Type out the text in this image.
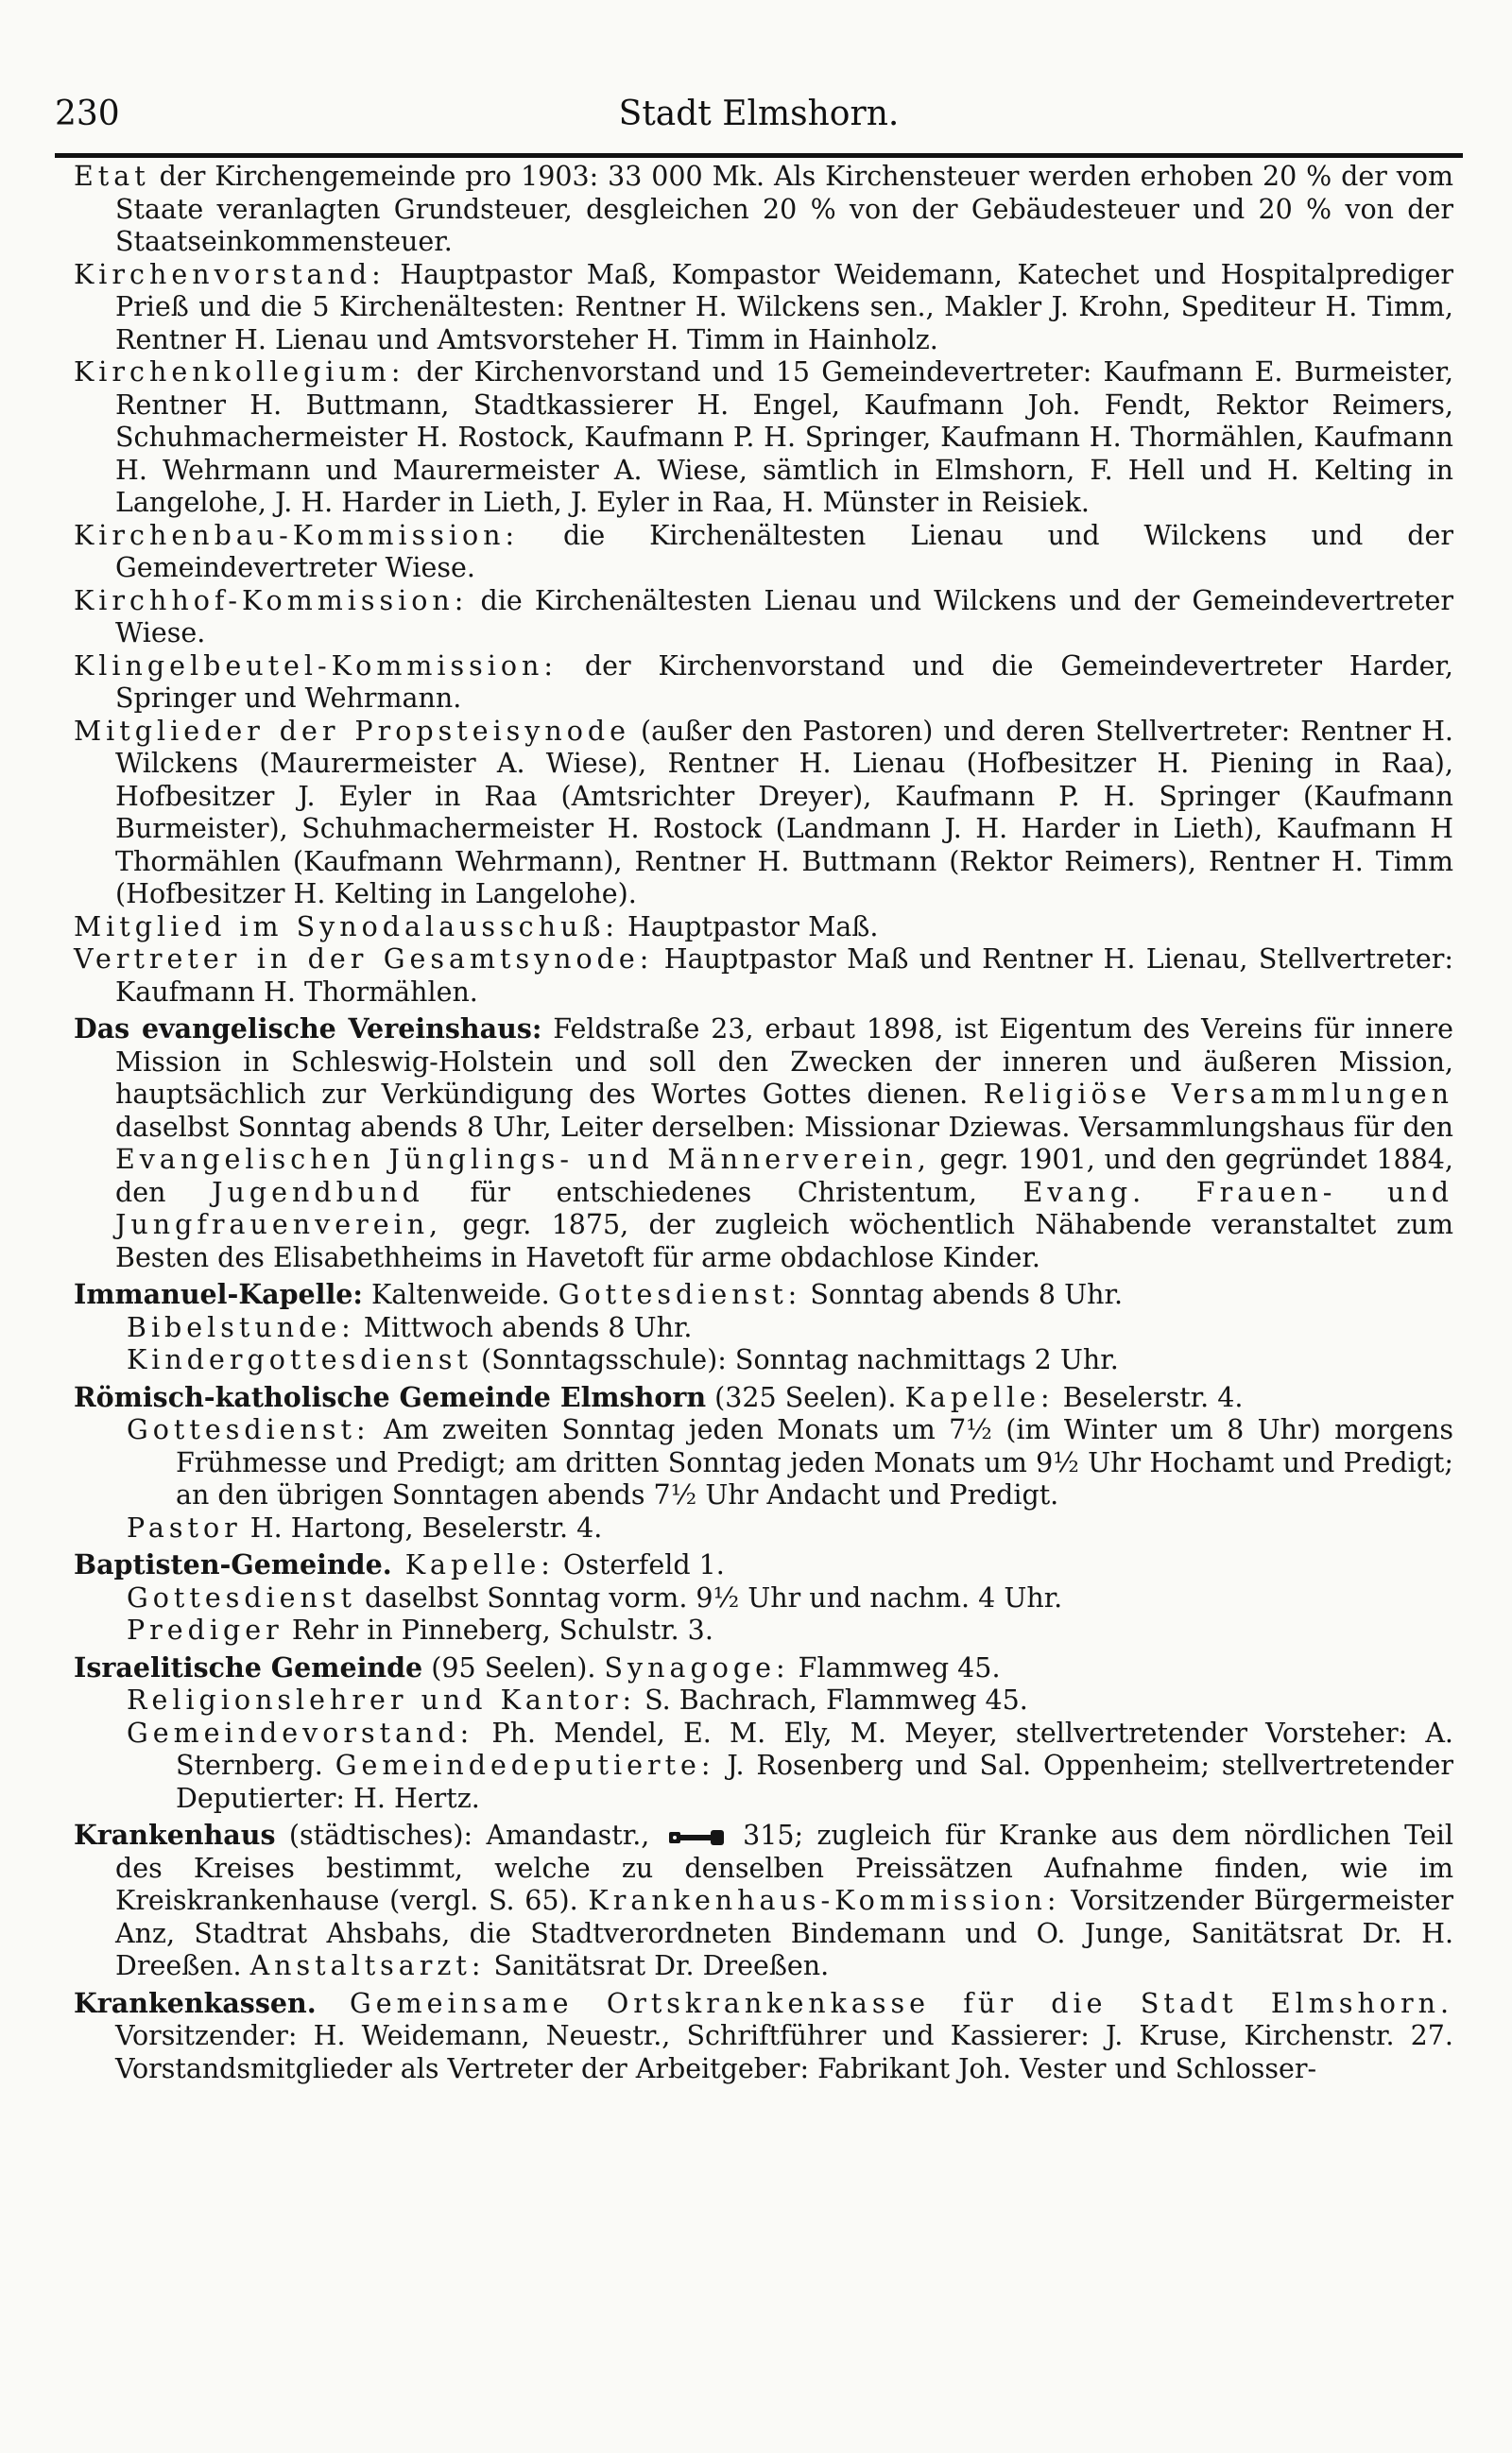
230	Stadt Elmshorn.

Etat der Kirchengemeinde pro 1903: 33 000 Mk. Als Kirchensteuer werden erhoben 20 % der vom Staate veranlagten Grundsteuer, desgleichen 20 % von der Gebäudesteuer und 20 % von der Staatseinkommensteuer.

Kirchenvorstand: Hauptpastor Maß, Kompastor Weidemann, Katechet und Hospitalprediger Prieß und die 5 Kirchenältesten: Rentner H. Wilckens sen., Makler J. Krohn, Spediteur H. Timm, Rentner H. Lienau und Amtsvorsteher H. Timm in Hainholz.

Kirchenkollegium: der Kirchenvorstand und 15 Gemeindevertreter: Kaufmann E. Burmeister, Rentner H. Buttmann, Stadtkassierer H. Engel, Kaufmann Joh. Fendt, Rektor Reimers, Schuhmachermeister H. Rostock, Kaufmann P. H. Springer, Kaufmann H. Thormählen, Kaufmann H. Wehrmann und Maurermeister A. Wiese, sämtlich in Elmshorn, F. Hell und H. Kelting in Langelohe, J. H. Harder in Lieth, J. Eyler in Raa, H. Münster in Reisiek.

Kirchenbau-Kommission: die Kirchenältesten Lienau und Wilckens und der Gemeindevertreter Wiese.

Kirchhof-Kommission: die Kirchenältesten Lienau und Wilckens und der Gemeindevertreter Wiese.

Klingelbeutel-Kommission: der Kirchenvorstand und die Gemeindevertreter Harder, Springer und Wehrmann.

Mitglieder der Propsteisynode (außer den Pastoren) und deren Stellvertreter: Rentner H. Wilckens (Maurermeister A. Wiese), Rentner H. Lienau (Hofbesitzer H. Piening in Raa), Hofbesitzer J. Eyler in Raa (Amtsrichter Dreyer), Kaufmann P. H. Springer (Kaufmann Burmeister), Schuhmachermeister H. Rostock (Landmann J. H. Harder in Lieth), Kaufmann H Thormählen (Kaufmann Wehrmann), Rentner H. Buttmann (Rektor Reimers), Rentner H. Timm (Hofbesitzer H. Kelting in Langelohe).

Mitglied im Synodalausschuß: Hauptpastor Maß.

Vertreter in der Gesamtsynode: Hauptpastor Maß und Rentner H. Lienau, Stellvertreter: Kaufmann H. Thormählen.

Das evangelische Vereinshaus: Feldstraße 23, erbaut 1898, ist Eigentum des Vereins für innere Mission in Schleswig-Holstein und soll den Zwecken der inneren und äußeren Mission, hauptsächlich zur Verkündigung des Wortes Gottes dienen. Religiöse Versammlungen daselbst Sonntag abends 8 Uhr, Leiter derselben: Missionar Dziewas. Versammlungshaus für den Evangelischen Jünglings- und Männerverein, gegr. 1901, und den gegründet 1884, den Jugendbund für entschiedenes Christentum, Evang. Frauen- und Jungfrauenverein, gegr. 1875, der zugleich wöchentlich Nähabende veranstaltet zum Besten des Elisabethheims in Havetoft für arme obdachlose Kinder.

Immanuel-Kapelle: Kaltenweide. Gottesdienst: Sonntag abends 8 Uhr.

Bibelstunde: Mittwoch abends 8 Uhr.

Kindergottesdienst (Sonntagsschule): Sonntag nachmittags 2 Uhr.

Römisch-katholische Gemeinde Elmshorn (325 Seelen). Kapelle: Beselerstr. 4.

Gottesdienst: Am zweiten Sonntag jeden Monats um 7½ (im Winter um 8 Uhr) morgens Frühmesse und Predigt; am dritten Sonntag jeden Monats um 9½ Uhr Hochamt und Predigt; an den übrigen Sonntagen abends 7½ Uhr Andacht und Predigt.

Pastor H. Hartong, Beselerstr. 4.

Baptisten-Gemeinde. Kapelle: Osterfeld 1.

Gottesdienst daselbst Sonntag vorm. 9½ Uhr und nachm. 4 Uhr.

Prediger Rehr in Pinneberg, Schulstr. 3.

Israelitische Gemeinde (95 Seelen). Synagoge: Flammweg 45.

Religionslehrer und Kantor: S. Bachrach, Flammweg 45.

Gemeindevorstand: Ph. Mendel, E. M. Ely, M. Meyer, stellvertretender Vorsteher: A. Sternberg. Gemeindedeputierte: J. Rosenberg und Sal. Oppenheim; stellvertretender Deputierter: H. Hertz.

Krankenhaus (städtisches): Amandastr.,  315; zugleich für Kranke aus dem nördlichen Teil des Kreises bestimmt, welche zu denselben Preissätzen Aufnahme finden, wie im Kreiskrankenhause (vergl. S. 65). Krankenhaus-Kommission: Vorsitzender Bürgermeister Anz, Stadtrat Ahsbahs, die Stadtverordneten Bindemann und O. Junge, Sanitätsrat Dr. H. Dreeßen. Anstaltsarzt: Sanitätsrat Dr. Dreeßen.

Krankenkassen. Gemeinsame Ortskrankenkasse für die Stadt Elmshorn. Vorsitzender: H. Weidemann, Neuestr., Schriftführer und Kassierer: J. Kruse, Kirchenstr. 27. Vorstandsmitglieder als Vertreter der Arbeitgeber: Fabrikant Joh. Vester und Schlosser-
